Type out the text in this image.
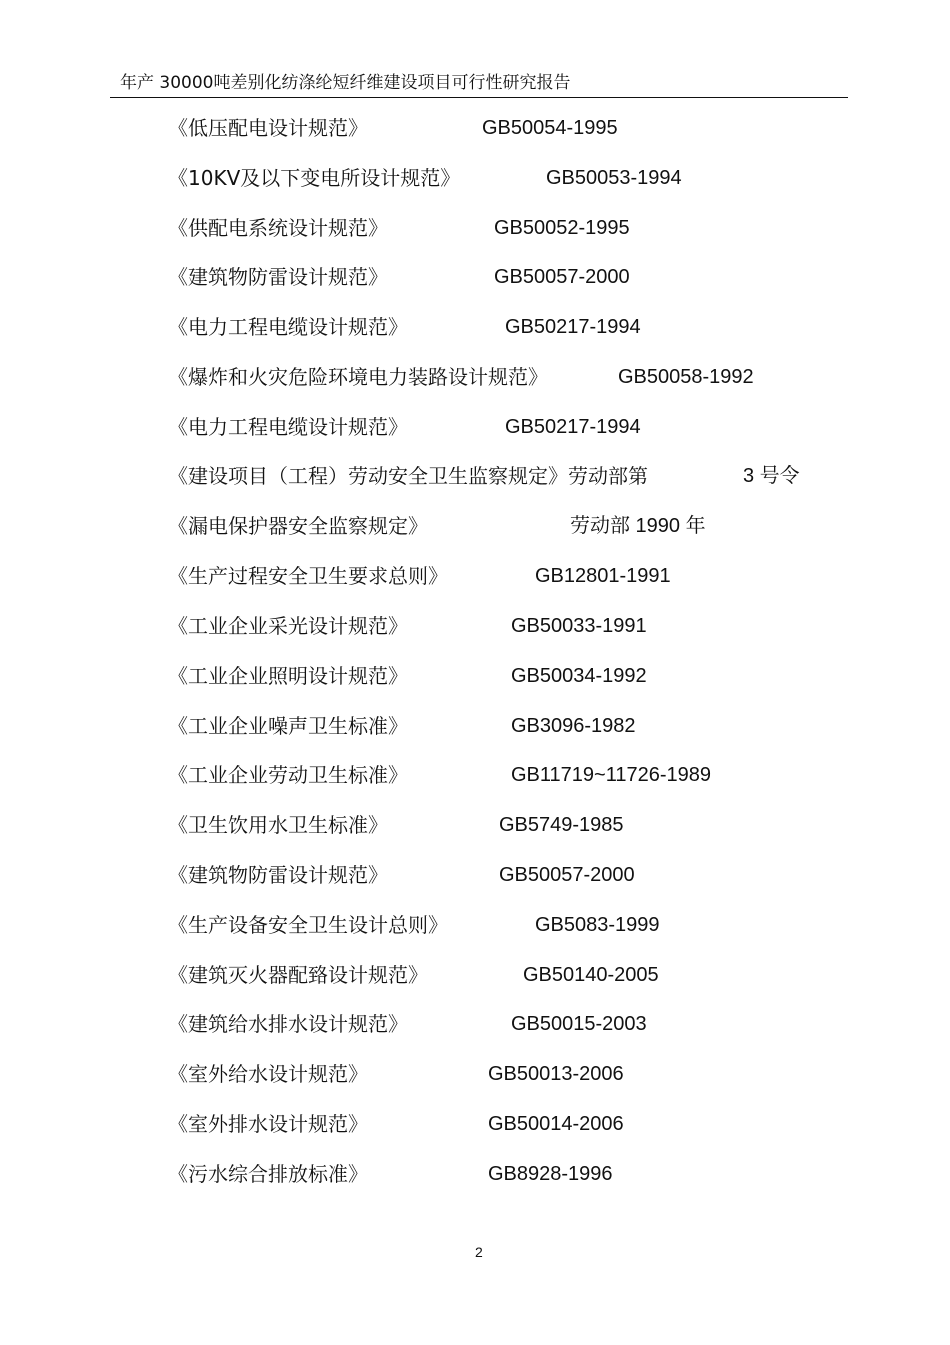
年产 30000吨差别化纺涤纶短纤维建设项目可行性研究报告
《低压配电设计规范》	GB50054-1995
《10KV及以下变电所设计规范》	GB50053-1994
《供配电系统设计规范》	GB50052-1995
《建筑物防雷设计规范》	GB50057-2000
《电力工程电缆设计规范》	GB50217-1994
《爆炸和火灾危险环境电力装路设计规范》	GB50058-1992
《电力工程电缆设计规范》	GB50217-1994
《建设项目（工程）劳动安全卫生监察规定》劳动部第	3 号令
《漏电保护器安全监察规定》	劳动部 1990 年
《生产过程安全卫生要求总则》	GB12801-1991
《工业企业采光设计规范》	GB50033-1991
《工业企业照明设计规范》	GB50034-1992
《工业企业噪声卫生标准》	GB3096-1982
《工业企业劳动卫生标准》	GB11719~11726-1989
《卫生饮用水卫生标准》	GB5749-1985
《建筑物防雷设计规范》	GB50057-2000
《生产设备安全卫生设计总则》	GB5083-1999
《建筑灭火器配臵设计规范》	GB50140-2005
《建筑给水排水设计规范》	GB50015-2003
《室外给水设计规范》	GB50013-2006
《室外排水设计规范》	GB50014-2006
《污水综合排放标准》	GB8928-1996
2
